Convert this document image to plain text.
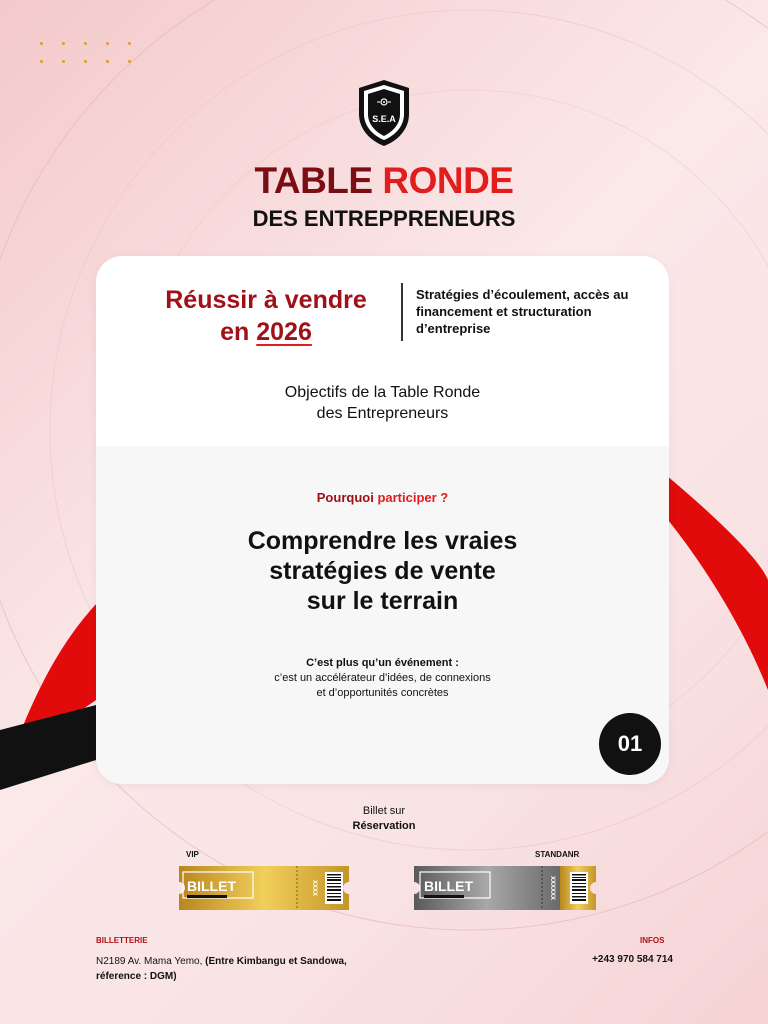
S.E.A
TABLE RONDE
DES ENTREPPRENEURS
Réussir à vendre
en 2026
Stratégies d’écoulement, accès au financement et structuration d’entreprise
Objectifs de la Table Ronde
des Entrepreneurs
Pourquoi participer ?
Comprendre les vraies
stratégies de vente
sur le terrain
C’est plus qu’un événement :
c’est un accélérateur d’idées, de connexions
et d’opportunités concrètes
01
Billet sur
Réservation
VIP
BILLET	XXXX
STANDANR
BILLET	XXXXXX
BILLETTERIE	INFOS
N2189 Av. Mama Yemo, (Entre Kimbangu et Sandowa,
réference : DGM)
+243 970 584 714
